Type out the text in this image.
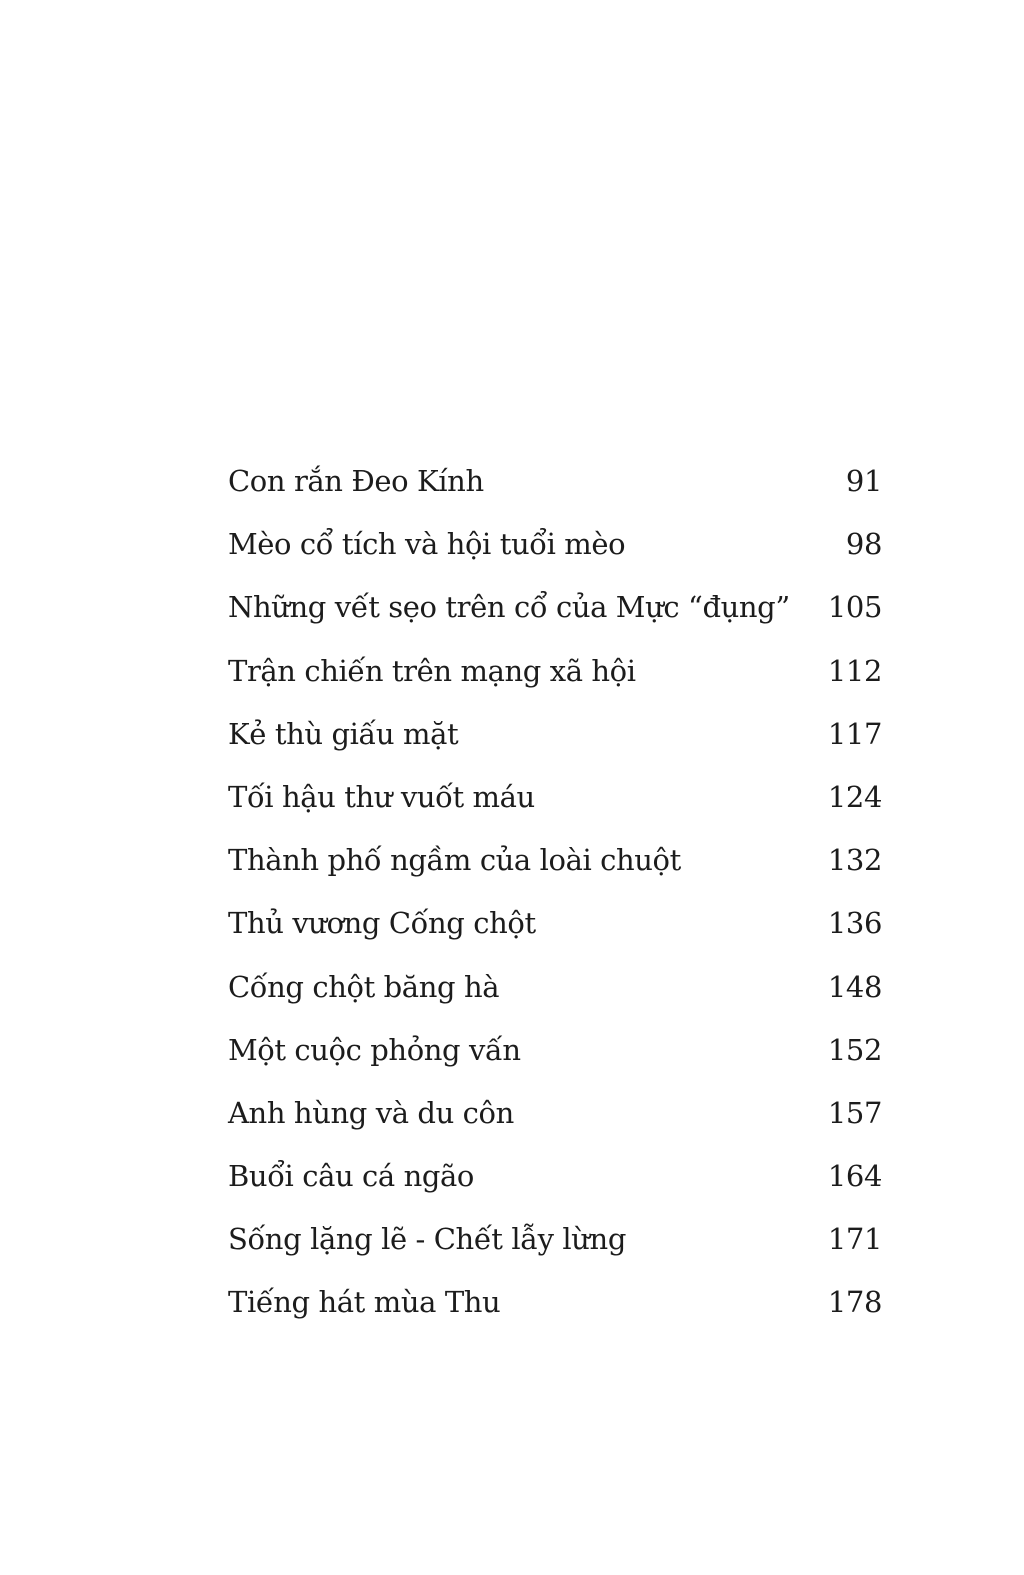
Con rắn Đeo Kính	91
Mèo cổ tích và hội tuổi mèo	98
Những vết sẹo trên cổ của Mực “đụng”	105
Trận chiến trên mạng xã hội	112
Kẻ thù giấu mặt	117
Tối hậu thư vuốt máu	124
Thành phố ngầm của loài chuột	132
Thủ vương Cống chột	136
Cống chột băng hà	148
Một cuộc phỏng vấn	152
Anh hùng và du côn	157
Buổi câu cá ngão	164
Sống lặng lẽ - Chết lẫy lừng	171
Tiếng hát mùa Thu	178
